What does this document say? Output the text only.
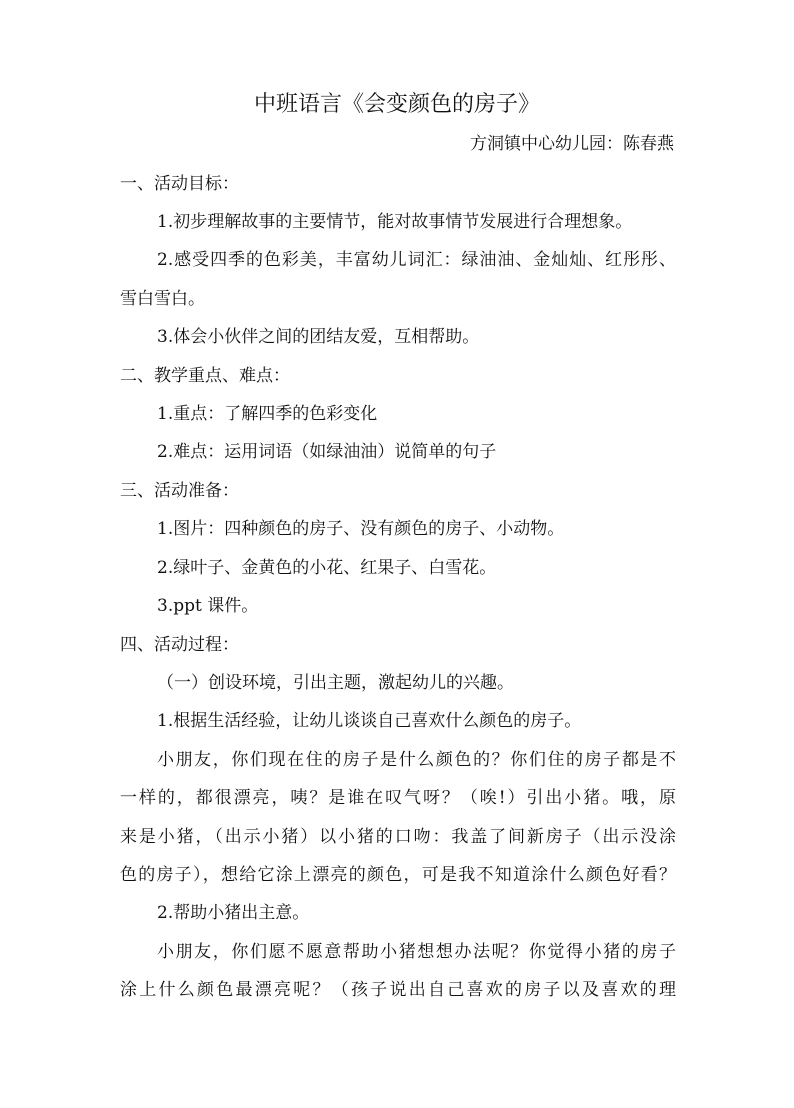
中班语言《会变颜色的房子》
方洞镇中心幼儿园：陈春燕
一、活动目标：
1.初步理解故事的主要情节，能对故事情节发展进行合理想象。
2.感受四季的色彩美，丰富幼儿词汇：绿油油、金灿灿、红彤彤、
雪白雪白。
3.体会小伙伴之间的团结友爱，互相帮助。
二、教学重点、难点：
1.重点：了解四季的色彩变化
2.难点：运用词语（如绿油油）说简单的句子
三、活动准备：
1.图片：四种颜色的房子、没有颜色的房子、小动物。
2.绿叶子、金黄色的小花、红果子、白雪花。
3.ppt 课件。
四、活动过程：
（一）创设环境，引出主题，激起幼儿的兴趣。
1.根据生活经验，让幼儿谈谈自己喜欢什么颜色的房子。
小朋友，你们现在住的房子是什么颜色的？你们住的房子都是不
一样的，都很漂亮，咦？是谁在叹气呀？（唉!）引出小猪。哦，原
来是小猪，（出示小猪）以小猪的口吻：我盖了间新房子（出示没涂
色的房子），想给它涂上漂亮的颜色，可是我不知道涂什么颜色好看？
2.帮助小猪出主意。
小朋友，你们愿不愿意帮助小猪想想办法呢？你觉得小猪的房子
涂上什么颜色最漂亮呢？（孩子说出自己喜欢的房子以及喜欢的理
